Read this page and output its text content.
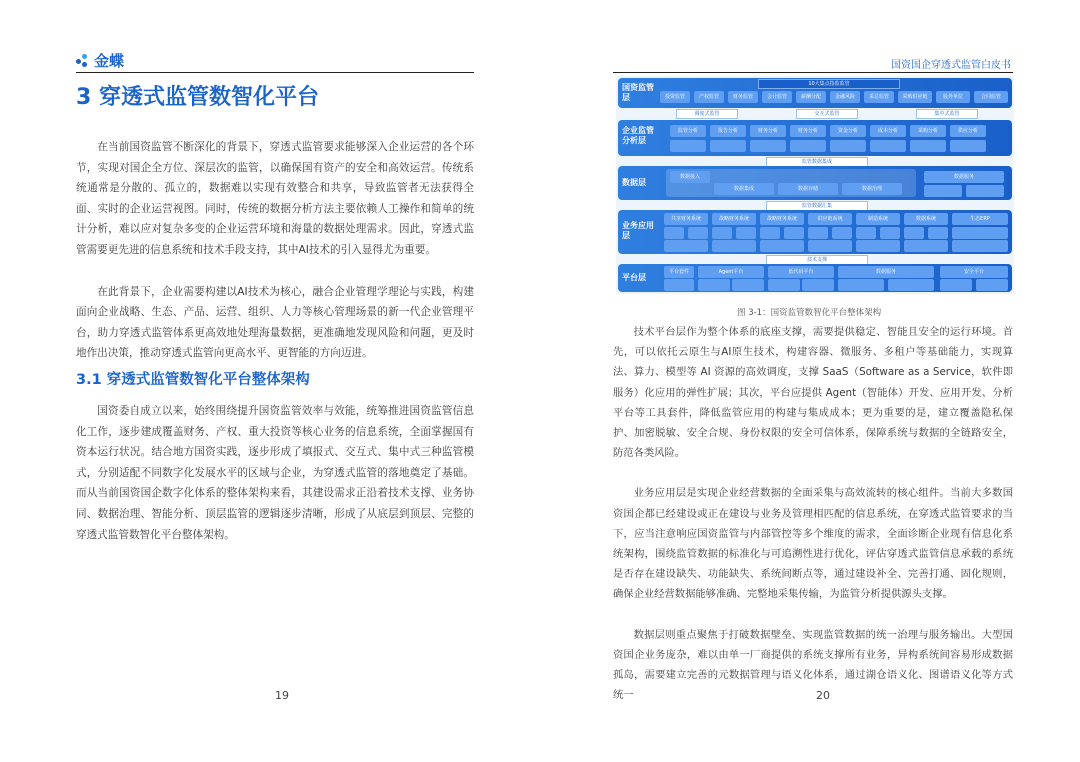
金蝶
3 穿透式监管数智化平台

在当前国资监管不断深化的背景下，穿透式监管要求能够深入企业运营的各个环节，实现对国企全方位、深层次的监管，以确保国有资产的安全和高效运营。传统系统通常是分散的、孤立的，数据难以实现有效整合和共享，导致监管者无法获得全面、实时的企业运营视图。同时，传统的数据分析方法主要依赖人工操作和简单的统计分析，难以应对复杂多变的企业运营环境和海量的数据处理需求。因此，穿透式监管需要更先进的信息系统和技术手段支持，其中AI技术的引入显得尤为重要。

在此背景下，企业需要构建以AI技术为核心，融合企业管理学理论与实践，构建面向企业战略、生态、产品、运营、组织、人力等核心管理场景的新一代企业管理平台，助力穿透式监管体系更高效地处理海量数据，更准确地发现风险和问题，更及时地作出决策，推动穿透式监管向更高水平、更智能的方向迈进。

3.1 穿透式监管数智化平台整体架构

国资委自成立以来，始终围绕提升国资监管效率与效能，统筹推进国资监管信息化工作，逐步建成覆盖财务、产权、重大投资等核心业务的信息系统，全面掌握国有资本运行状况。结合地方国资实践，逐步形成了填报式、交互式、集中式三种监管模式，分别适配不同数字化发展水平的区域与企业，为穿透式监管的落地奠定了基础。而从当前国资国企数字化体系的整体架构来看，其建设需求正沿着技术支撑、业务协同、数据治理、智能分析、顶层监管的逻辑逐步清晰，形成了从底层到顶层、完整的穿透式监管数智化平台整体架构。

19
国资国企穿透式监管白皮书
国资监管层
10大集点指监监管
投资监管	产权监管	财务监管	会计监管	薪酬分配	金融风险	采总监管	采购供应链	股外单位	合同监管
调度式监管	交互式监管	集中式监管
企业监管分析层
监管分析	报告分析	财务分析	财务分析	资金分析	成本分析	采购分析	供应分析
监管数据集成
数据层
数据接入
数据集成	数据存储	数据治理
数据服务
监管数据汇集
业务应用层
共享财务系统	战略财务系统	战略财务系统	供应链系统	制造系统	数据系统	生态ERP
技术支撑
平台层
平台套件	Agent平台	低代码平台	数据服务	安全平台
图 3-1：国资监管数智化平台整体架构

技术平台层作为整个体系的底座支撑，需要提供稳定、智能且安全的运行环境。首先，可以依托云原生与AI原生技术，构建容器、微服务、多租户等基础能力，实现算法、算力、模型等 AI 资源的高效调度，支撑 SaaS（Software as a Service，软件即服务）化应用的弹性扩展；其次，平台应提供 Agent（智能体）开发、应用开发、分析平台等工具套件，降低监管应用的构建与集成成本；更为重要的是，建立覆盖隐私保护、加密脱敏、安全合规、身份权限的安全可信体系，保障系统与数据的全链路安全，防范各类风险。

业务应用层是实现企业经营数据的全面采集与高效流转的核心组件。当前大多数国资国企都已经建设或正在建设与业务及管理相匹配的信息系统，在穿透式监管要求的当下，应当注意响应国资监管与内部管控等多个维度的需求，全面诊断企业现有信息化系统架构，围绕监管数据的标准化与可追溯性进行优化，评估穿透式监管信息承载的系统是否存在建设缺失、功能缺失、系统间断点等，通过建设补全、完善打通、固化规则，确保企业经营数据能够准确、完整地采集传输，为监管分析提供源头支撑。

数据层则重点聚焦于打破数据壁垒、实现监管数据的统一治理与服务输出。大型国资国企业务庞杂，难以由单一厂商提供的系统支撑所有业务，异构系统间容易形成数据孤岛，需要建立完善的元数据管理与语义化体系，通过湖仓语义化、图谱语义化等方式统一	20
